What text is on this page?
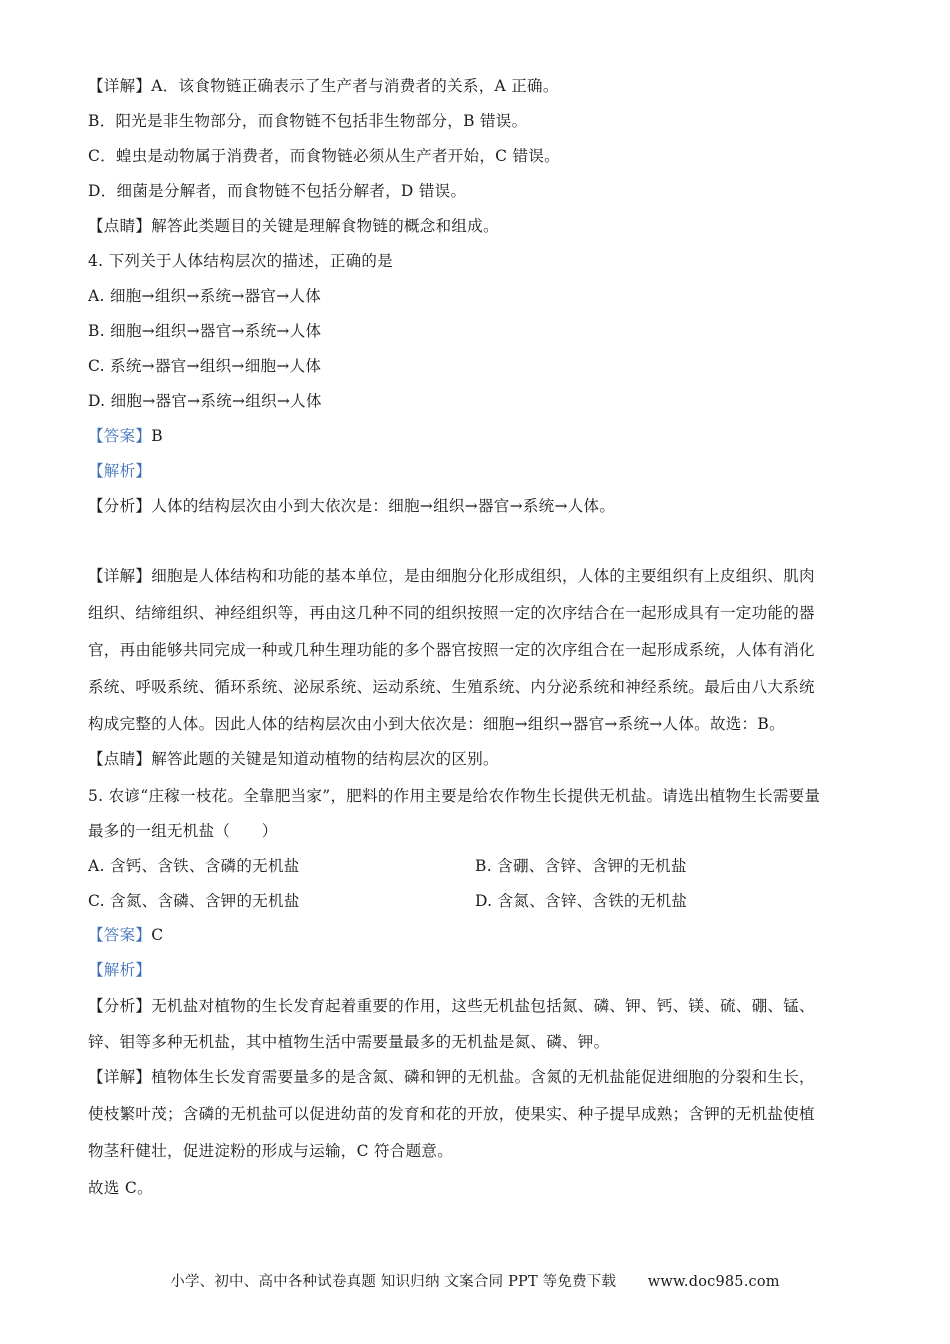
【详解】A．该食物链正确表示了生产者与消费者的关系，A 正确。
B．阳光是非生物部分，而食物链不包括非生物部分，B 错误。
C．蝗虫是动物属于消费者，而食物链必须从生产者开始，C 错误。
D．细菌是分解者，而食物链不包括分解者，D 错误。
【点睛】解答此类题目的关键是理解食物链的概念和组成。
4. 下列关于人体结构层次的描述，正确的是
A. 细胞→组织→系统→器官→人体
B. 细胞→组织→器官→系统→人体
C. 系统→器官→组织→细胞→人体
D. 细胞→器官→系统→组织→人体
【答案】B
【解析】
【分析】人体的结构层次由小到大依次是：细胞→组织→器官→系统→人体。
【详解】细胞是人体结构和功能的基本单位，是由细胞分化形成组织，人体的主要组织有上皮组织、肌肉
组织、结缔组织、神经组织等，再由这几种不同的组织按照一定的次序结合在一起形成具有一定功能的器
官，再由能够共同完成一种或几种生理功能的多个器官按照一定的次序组合在一起形成系统，人体有消化
系统、呼吸系统、循环系统、泌尿系统、运动系统、生殖系统、内分泌系统和神经系统。最后由八大系统
构成完整的人体。因此人体的结构层次由小到大依次是：细胞→组织→器官→系统→人体。故选：B。
【点睛】解答此题的关键是知道动植物的结构层次的区别。
5. 农谚“庄稼一枝花。全靠肥当家”，肥料的作用主要是给农作物生长提供无机盐。请选出植物生长需要量
最多的一组无机盐（　　）
A. 含钙、含铁、含磷的无机盐	B. 含硼、含锌、含钾的无机盐
C. 含氮、含磷、含钾的无机盐	D. 含氮、含锌、含铁的无机盐
【答案】C
【解析】
【分析】无机盐对植物的生长发育起着重要的作用，这些无机盐包括氮、磷、钾、钙、镁、硫、硼、锰、
锌、钼等多种无机盐，其中植物生活中需要量最多的无机盐是氮、磷、钾。
【详解】植物体生长发育需要量多的是含氮、磷和钾的无机盐。含氮的无机盐能促进细胞的分裂和生长，
使枝繁叶茂；含磷的无机盐可以促进幼苗的发育和花的开放，使果实、种子提早成熟；含钾的无机盐使植
物茎秆健壮，促进淀粉的形成与运输，C 符合题意。
故选 C。
小学、初中、高中各种试卷真题 知识归纳 文案合同 PPT 等免费下载 www.doc985.com
